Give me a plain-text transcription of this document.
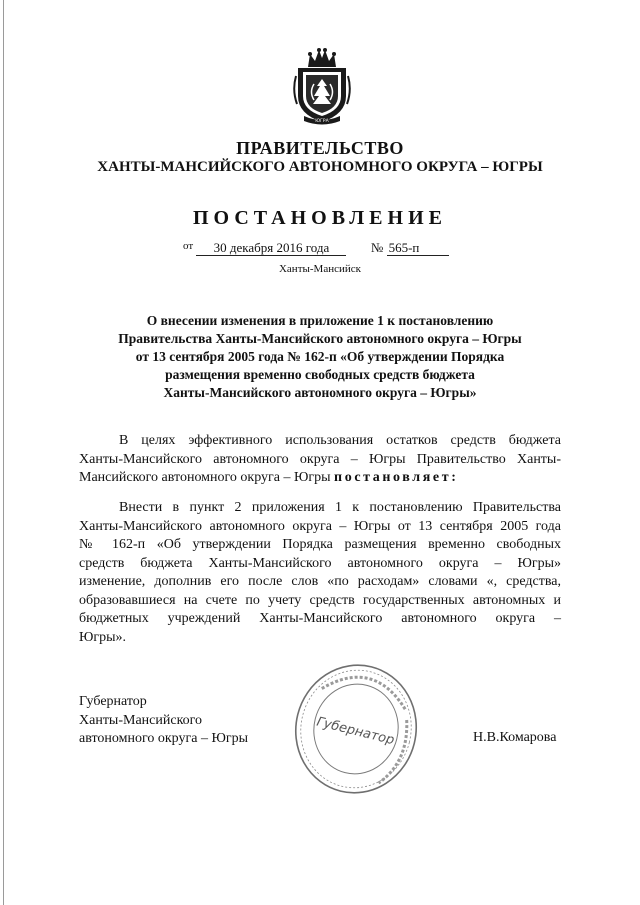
ЮГРА
ПРАВИТЕЛЬСТВО
ХАНТЫ-МАНСИЙСКОГО АВТОНОМНОГО ОКРУГА – ЮГРЫ
ПОСТАНОВЛЕНИЕ
$^{от}$ 30 декабря 2016 года	№ 565-п
Ханты-Мансийск
О внесении изменения в приложение 1 к постановлению
Правительства Ханты-Мансийского автономного округа – Югры
от 13 сентября 2005 года № 162-п «Об утверждении Порядка
размещения временно свободных средств бюджета
Ханты-Мансийского автономного округа – Югры»
В целях эффективного использования остатков средств бюджета
Ханты-Мансийского автономного округа – Югры Правительство Ханты-
Мансийского автономного округа – Югры постановляет:
Внести в пункт 2 приложения 1 к постановлению Правительства
Ханты-Мансийского автономного округа – Югры от 13 сентября 2005 года
№ 162-п «Об утверждении Порядка размещения временно свободных
средств бюджета Ханты-Мансийского автономного округа – Югры»
изменение, дополнив его после слов «по расходам» словами «, средства,
образовавшиеся на счете по учету средств государственных автономных и
бюджетных учреждений Ханты-Мансийского автономного округа –
Югры».
Губернатор
Ханты-Мансийского
автономного округа – Югры	Губернатор	Н.В.Комарова
